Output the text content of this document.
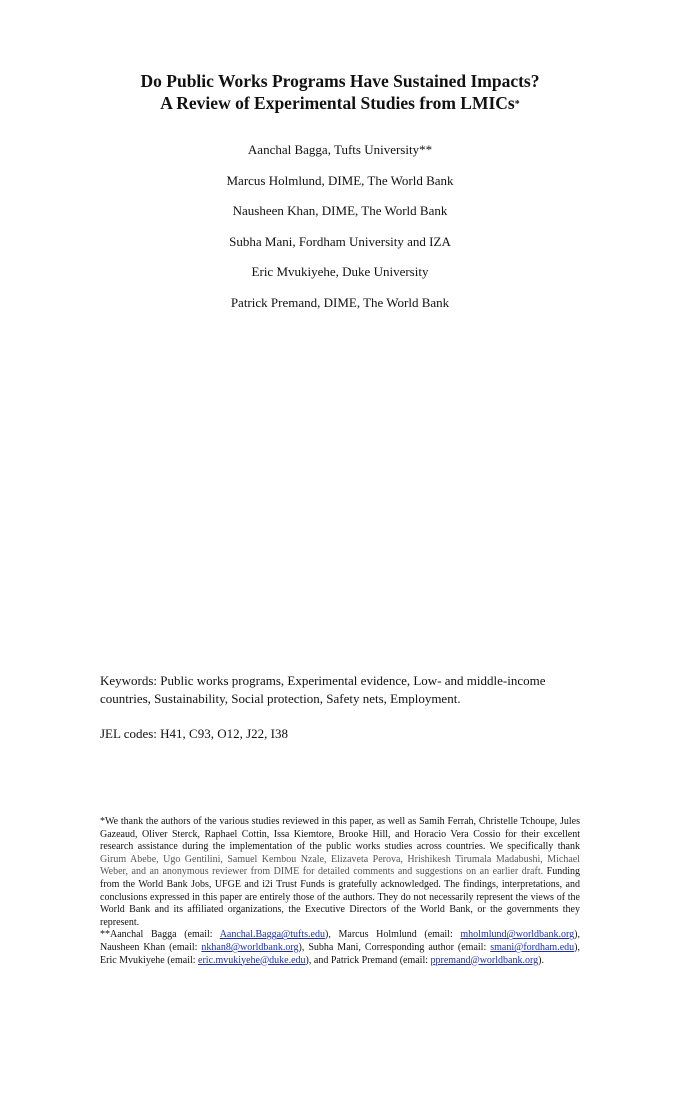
Do Public Works Programs Have Sustained Impacts?
A Review of Experimental Studies from LMICs*
Aanchal Bagga, Tufts University**
Marcus Holmlund, DIME, The World Bank
Nausheen Khan, DIME, The World Bank
Subha Mani, Fordham University and IZA
Eric Mvukiyehe, Duke University
Patrick Premand, DIME, The World Bank
Keywords: Public works programs, Experimental evidence, Low- and middle-income countries, Sustainability, Social protection, Safety nets, Employment.
JEL codes: H41, C93, O12, J22, I38

*We thank the authors of the various studies reviewed in this paper, as well as Samih Ferrah, Christelle Tchoupe, Jules Gazeaud, Oliver Sterck, Raphael Cottin, Issa Kiemtore, Brooke Hill, and Horacio Vera Cossio for their excellent research assistance during the implementation of the public works studies across countries. We specifically thank Girum Abebe, Ugo Gentilini, Samuel Kembou Nzale, Elizaveta Perova, Hrishikesh Tirumala Madabushi, Michael Weber, and an anonymous reviewer from DIME for detailed comments and suggestions on an earlier draft. Funding from the World Bank Jobs, UFGE and i2i Trust Funds is gratefully acknowledged. The findings, interpretations, and conclusions expressed in this paper are entirely those of the authors. They do not necessarily represent the views of the World Bank and its affiliated organizations, the Executive Directors of the World Bank, or the governments they represent.

**Aanchal Bagga (email: Aanchal.Bagga@tufts.edu), Marcus Holmlund (email: mholmlund@worldbank.org), Nausheen Khan (email: nkhan8@worldbank.org), Subha Mani, Corresponding author (email: smani@fordham.edu), Eric Mvukiyehe (email: eric.mvukiyehe@duke.edu), and Patrick Premand (email: ppremand@worldbank.org).
